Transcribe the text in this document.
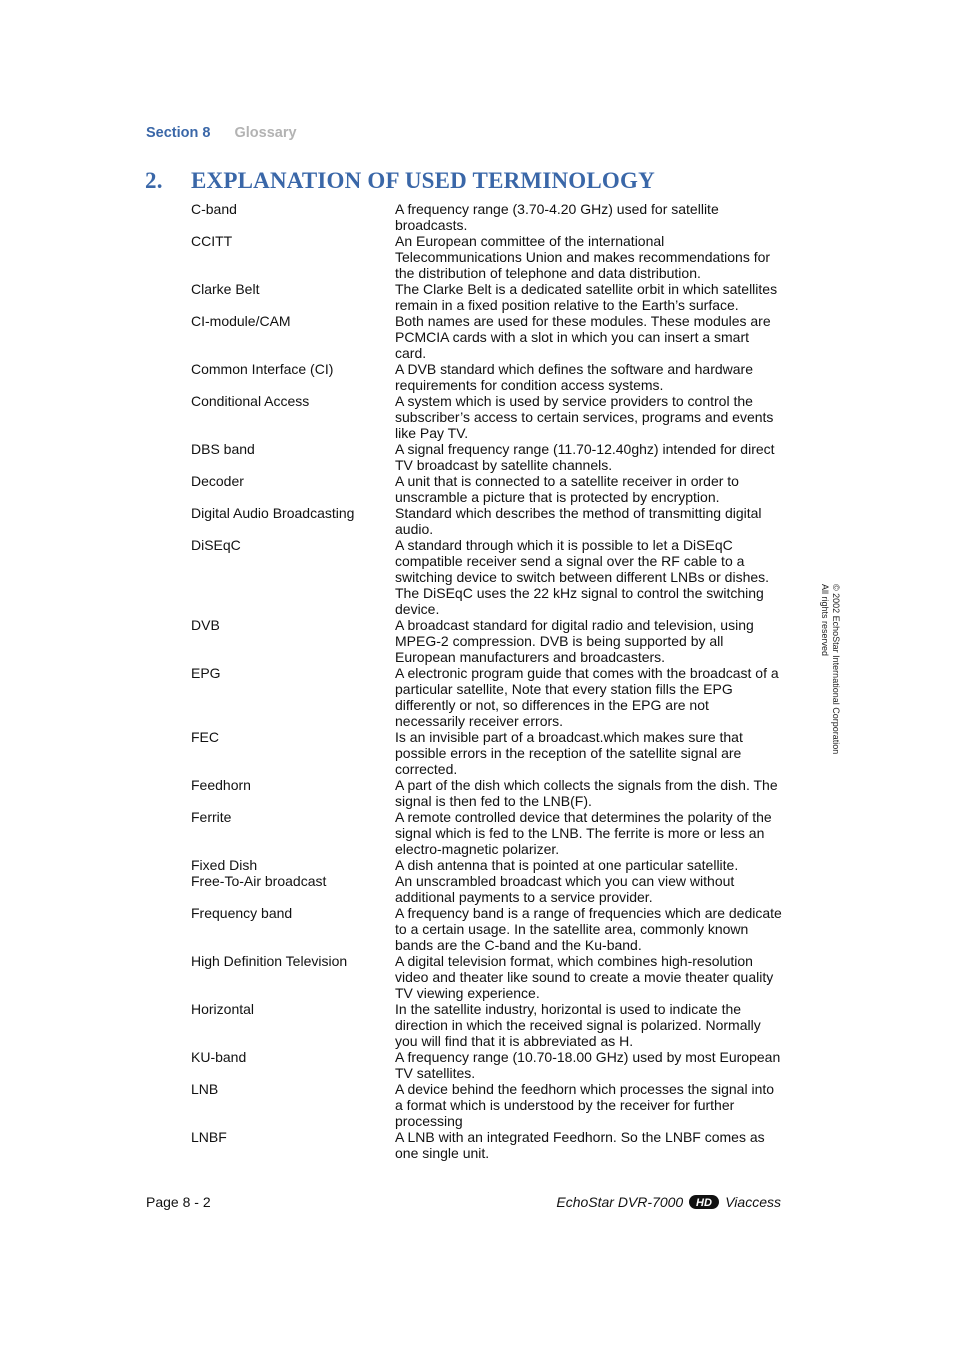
Section 8 Glossary
2. EXPLANATION OF USED TERMINOLOGY
C-band	A frequency range (3.70-4.20 GHz) used for satellite
broadcasts.
CCITT	An European committee of the international
Telecommunications Union and makes recommendations for
the distribution of telephone and data distribution.
Clarke Belt	The Clarke Belt is a dedicated satellite orbit in which satellites
remain in a fixed position relative to the Earth’s surface.
CI-module/CAM	Both names are used for these modules. These modules are
PCMCIA cards with a slot in which you can insert a smart
card.
Common Interface (CI)	A DVB standard which defines the software and hardware
requirements for condition access systems.
Conditional Access	A system which is used by service providers to control the
subscriber’s access to certain services, programs and events
like Pay TV.
DBS band	A signal frequency range (11.70-12.40ghz) intended for direct
TV broadcast by satellite channels.
Decoder	A unit that is connected to a satellite receiver in order to
unscramble a picture that is protected by encryption.
Digital Audio Broadcasting	Standard which describes the method of transmitting digital
audio.
DiSEqC	A standard through which it is possible to let a DiSEqC
compatible receiver send a signal over the RF cable to a
switching device to switch between different LNBs or dishes.
The DiSEqC uses the 22 kHz signal to control the switching
device.
DVB	A broadcast standard for digital radio and television, using
MPEG-2 compression. DVB is being supported by all
European manufacturers and broadcasters.
EPG	A electronic program guide that comes with the broadcast of a
particular satellite, Note that every station fills the EPG
differently or not, so differences in the EPG are not
necessarily receiver errors.
FEC	Is an invisible part of a broadcast.which makes sure that
possible errors in the reception of the satellite signal are
corrected.
Feedhorn	A part of the dish which collects the signals from the dish. The
signal is then fed to the LNB(F).
Ferrite	A remote controlled device that determines the polarity of the
signal which is fed to the LNB. The ferrite is more or less an
electro-magnetic polarizer.
Fixed Dish	A dish antenna that is pointed at one particular satellite.
Free-To-Air broadcast	An unscrambled broadcast which you can view without
additional payments to a service provider.
Frequency band	A frequency band is a range of frequencies which are dedicate
to a certain usage. In the satellite area, commonly known
bands are the C-band and the Ku-band.
High Definition Television	A digital television format, which combines high-resolution
video and theater like sound to create a movie theater quality
TV viewing experience.
Horizontal	In the satellite industry, horizontal is used to indicate the
direction in which the received signal is polarized. Normally
you will find that it is abbreviated as H.
KU-band	A frequency range (10.70-18.00 GHz) used by most European
TV satellites.
LNB	A device behind the feedhorn which processes the signal into
a format which is understood by the receiver for further
processing
LNBF	A LNB with an integrated Feedhorn. So the LNBF comes as
one single unit.
© 2002 EchoStar International Corporation
All rights reserved
Page 8 - 2	EchoStar DVR-7000 HD Viaccess
